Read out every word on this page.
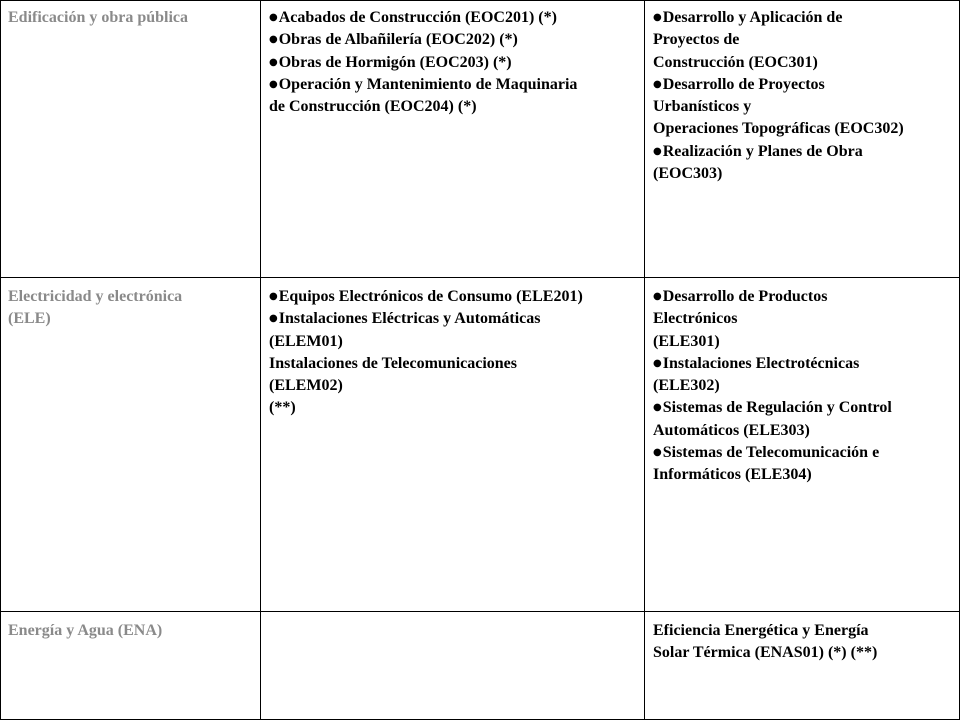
Edificación y obra pública	●Acabados de Construcción (EOC201) (*)
●Obras de Albañilería (EOC202) (*)
●Obras de Hormigón (EOC203) (*)
●Operación y Mantenimiento de Maquinaria
de Construcción (EOC204) (*)
●Desarrollo y Aplicación de
Proyectos de
Construcción (EOC301)
●Desarrollo de Proyectos
Urbanísticos y
Operaciones Topográficas (EOC302)
●Realización y Planes de Obra
(EOC303)
Electricidad y electrónica
(ELE)
●Equipos Electrónicos de Consumo (ELE201)
●Instalaciones Eléctricas y Automáticas
(ELEM01)
Instalaciones de Telecomunicaciones
(ELEM02)
(**)
●Desarrollo de Productos
Electrónicos
(ELE301)
●Instalaciones Electrotécnicas
(ELE302)
●Sistemas de Regulación y Control
Automáticos (ELE303)
●Sistemas de Telecomunicación e
Informáticos (ELE304)
Energía y Agua (ENA)	Eficiencia Energética y Energía
Solar Térmica (ENAS01) (*) (**)
